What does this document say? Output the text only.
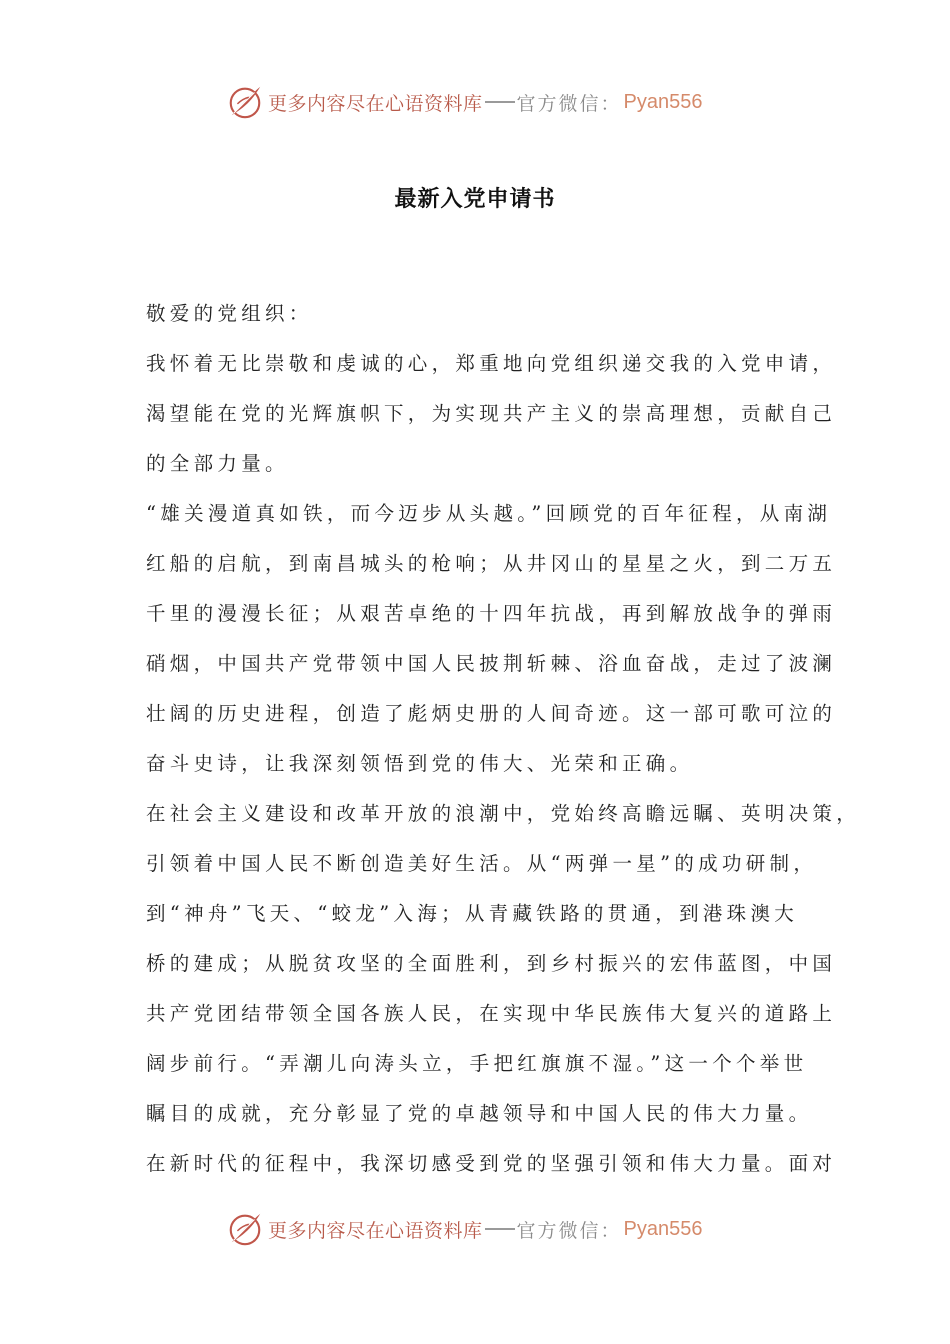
更多内容尽在心语资料库 官方微信： Pyan556
最新入党申请书
敬爱的党组织：
我怀着无比崇敬和虔诚的心，郑重地向党组织递交我的入党申请，
渴望能在党的光辉旗帜下，为实现共产主义的崇高理想，贡献自己
的全部力量。
“雄关漫道真如铁，而今迈步从头越。”回顾党的百年征程，从南湖
红船的启航，到南昌城头的枪响；从井冈山的星星之火，到二万五
千里的漫漫长征；从艰苦卓绝的十四年抗战，再到解放战争的弹雨
硝烟，中国共产党带领中国人民披荆斩棘、浴血奋战，走过了波澜
壮阔的历史进程，创造了彪炳史册的人间奇迹。这一部可歌可泣的
奋斗史诗，让我深刻领悟到党的伟大、光荣和正确。
在社会主义建设和改革开放的浪潮中，党始终高瞻远瞩、英明决策，
引领着中国人民不断创造美好生活。从“两弹一星”的成功研制，
到“神舟”飞天、“蛟龙”入海；从青藏铁路的贯通，到港珠澳大
桥的建成；从脱贫攻坚的全面胜利，到乡村振兴的宏伟蓝图，中国
共产党团结带领全国各族人民，在实现中华民族伟大复兴的道路上
阔步前行。“弄潮儿向涛头立，手把红旗旗不湿。”这一个个举世
瞩目的成就，充分彰显了党的卓越领导和中国人民的伟大力量。
在新时代的征程中，我深切感受到党的坚强引领和伟大力量。面对
更多内容尽在心语资料库 官方微信： Pyan556
